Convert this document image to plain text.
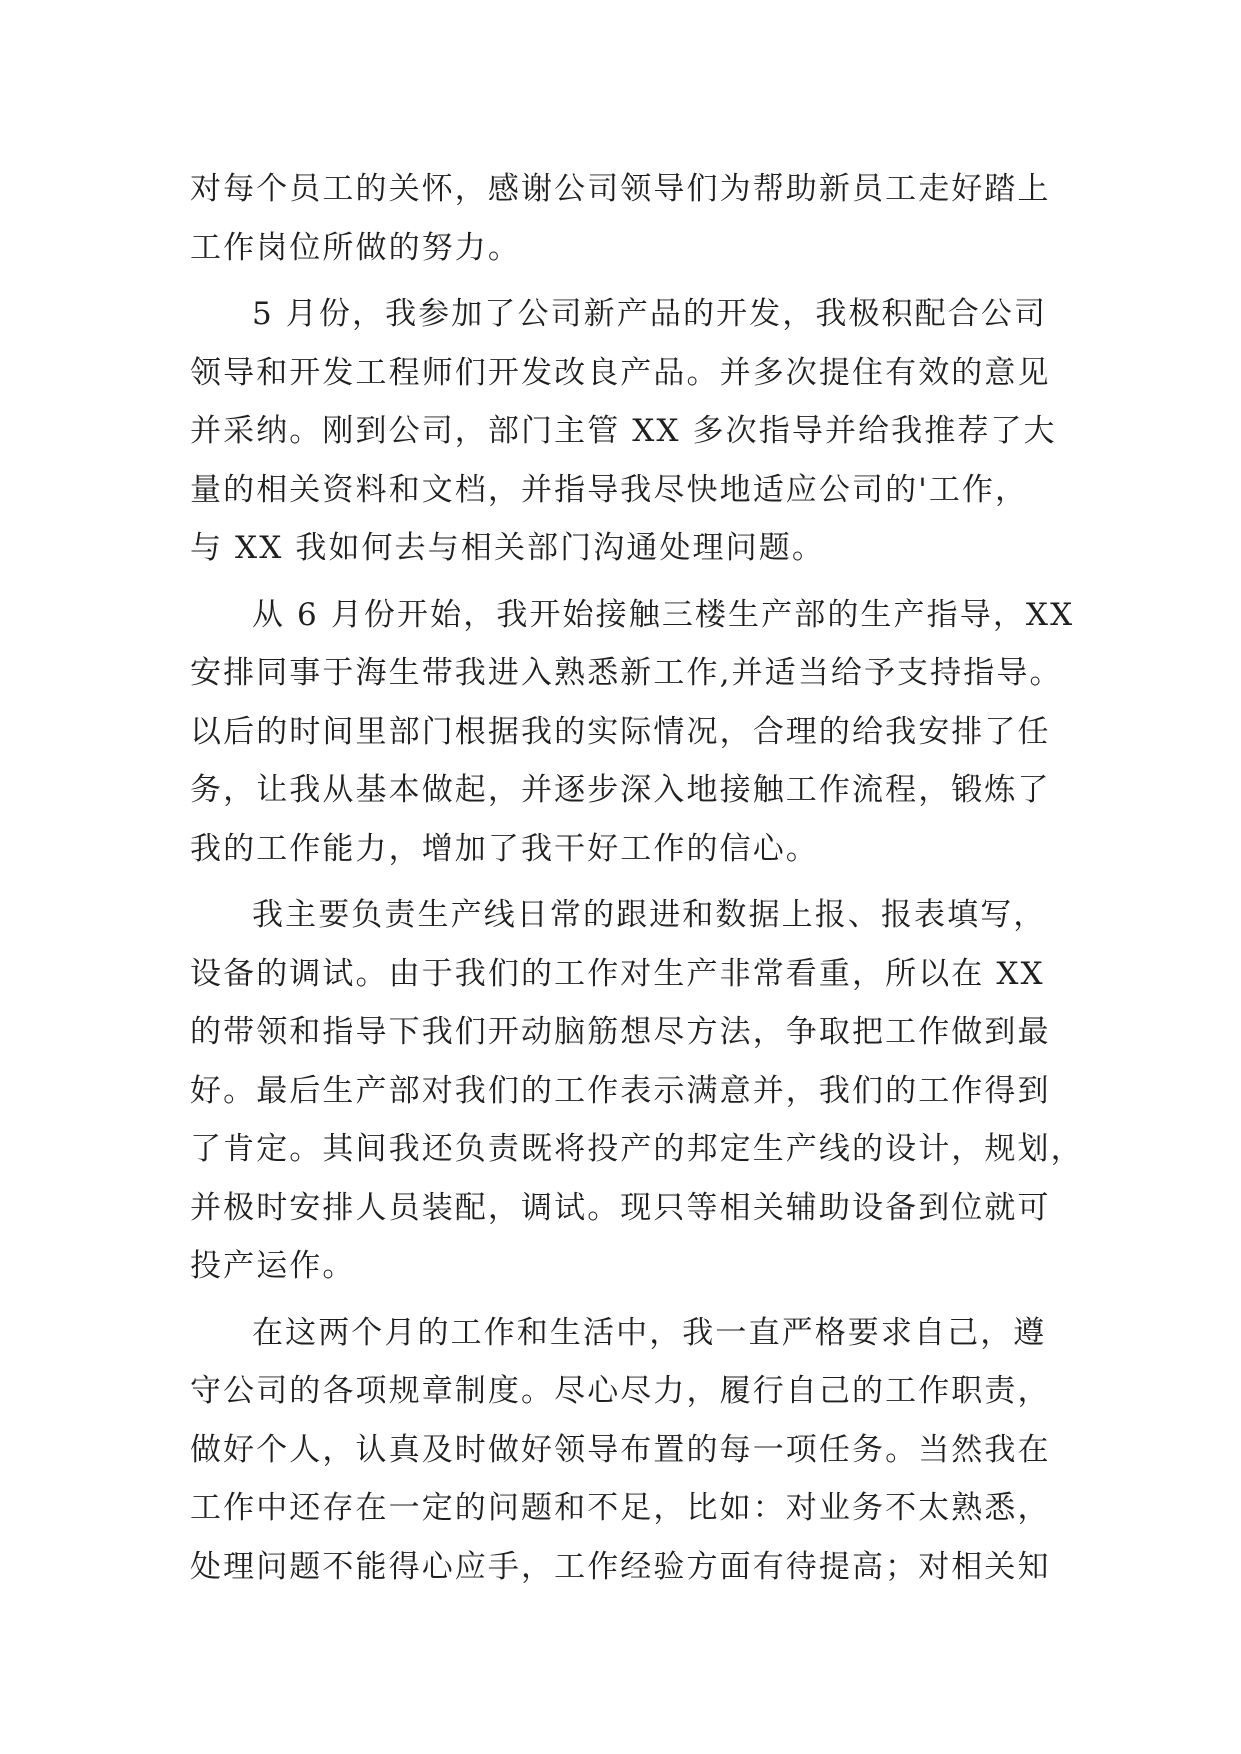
对每个员工的关怀，感谢公司领导们为帮助新员工走好踏上
工作岗位所做的努力。
5 月份，我参加了公司新产品的开发，我极积配合公司
领导和开发工程师们开发改良产品。并多次提住有效的意见
并采纳。刚到公司，部门主管 XX 多次指导并给我推荐了大
量的相关资料和文档，并指导我尽快地适应公司的'工作，
与 XX 我如何去与相关部门沟通处理问题。
从 6 月份开始，我开始接触三楼生产部的生产指导，XX
安排同事于海生带我进入熟悉新工作,并适当给予支持指导。
以后的时间里部门根据我的实际情况，合理的给我安排了任
务，让我从基本做起，并逐步深入地接触工作流程，锻炼了
我的工作能力，增加了我干好工作的信心。
我主要负责生产线日常的跟进和数据上报、报表填写，
设备的调试。由于我们的工作对生产非常看重，所以在 XX
的带领和指导下我们开动脑筋想尽方法，争取把工作做到最
好。最后生产部对我们的工作表示满意并，我们的工作得到
了肯定。其间我还负责既将投产的邦定生产线的设计，规划，
并极时安排人员装配，调试。现只等相关辅助设备到位就可
投产运作。
在这两个月的工作和生活中，我一直严格要求自己，遵
守公司的各项规章制度。尽心尽力，履行自己的工作职责，
做好个人，认真及时做好领导布置的每一项任务。当然我在
工作中还存在一定的问题和不足，比如：对业务不太熟悉，
处理问题不能得心应手，工作经验方面有待提高；对相关知
